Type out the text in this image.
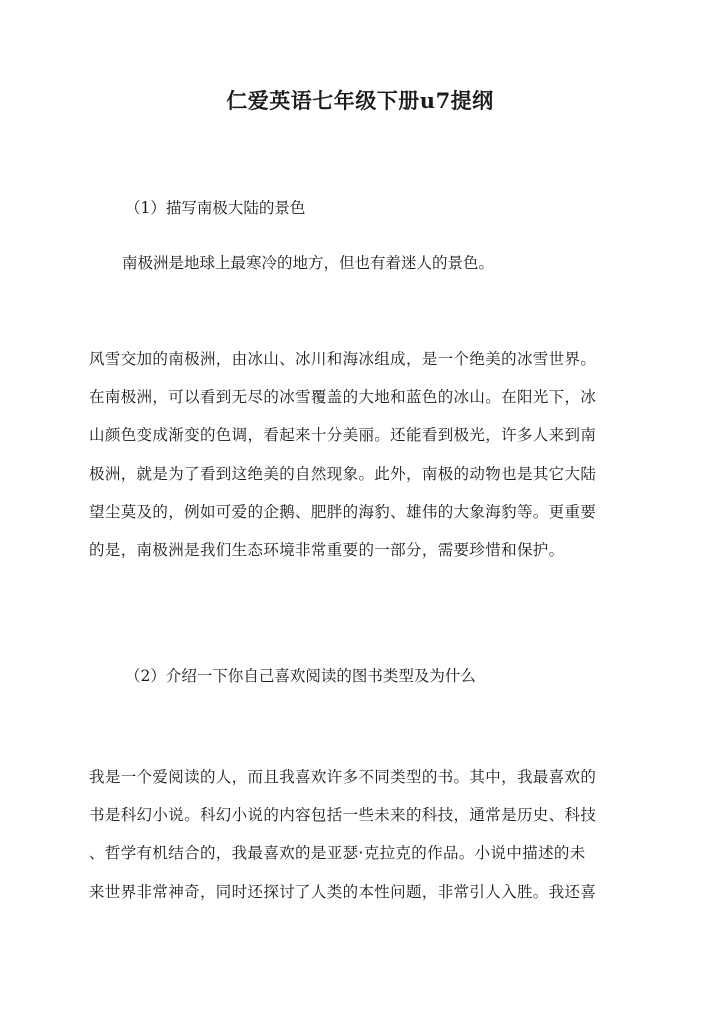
仁爱英语七年级下册u7提纲
（1）描写南极大陆的景色
南极洲是地球上最寒冷的地方，但也有着迷人的景色。
风雪交加的南极洲，由冰山、冰川和海冰组成，是一个绝美的冰雪世界。
在南极洲，可以看到无尽的冰雪覆盖的大地和蓝色的冰山。在阳光下，冰
山颜色变成渐变的色调，看起来十分美丽。还能看到极光，许多人来到南
极洲，就是为了看到这绝美的自然现象。此外，南极的动物也是其它大陆
望尘莫及的，例如可爱的企鹅、肥胖的海豹、雄伟的大象海豹等。更重要
的是，南极洲是我们生态环境非常重要的一部分，需要珍惜和保护。
（2）介绍一下你自己喜欢阅读的图书类型及为什么
我是一个爱阅读的人，而且我喜欢许多不同类型的书。其中，我最喜欢的
书是科幻小说。科幻小说的内容包括一些未来的科技，通常是历史、科技
、哲学有机结合的，我最喜欢的是亚瑟·克拉克的作品。小说中描述的未
来世界非常神奇，同时还探讨了人类的本性问题，非常引人入胜。我还喜
